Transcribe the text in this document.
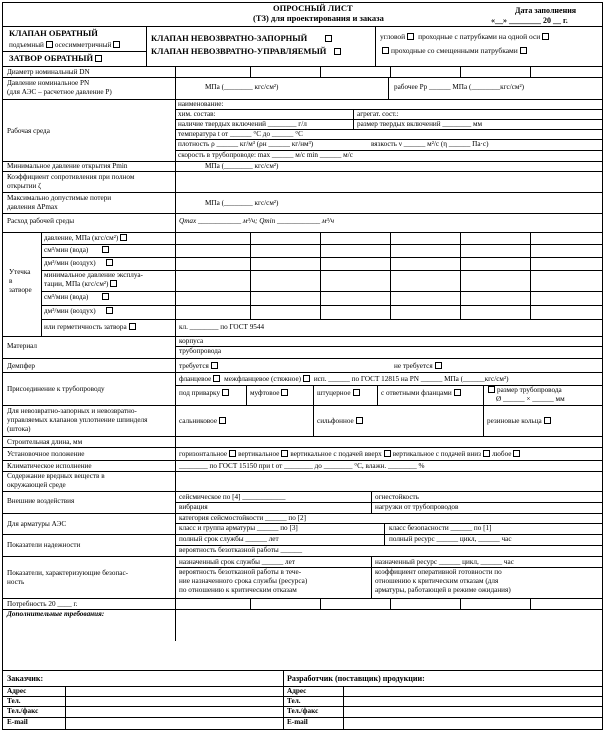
ОПРОСНЫЙ ЛИСТ
(ТЗ) для проектирования и заказа
Дата заполнения
«__» ________ 20 __ г.
КЛАПАН ОБРАТНЫЙ
подъемный осесимметричный
ЗАТВОР ОБРАТНЫЙ
КЛАПАН НЕВОЗВРАТНО-ЗАПОРНЫЙ
КЛАПАН НЕВОЗВРАТНО-УПРАВЛЯЕМЫЙ
угловой проходные с патрубками на одной оси
проходные со смещенными патрубками
Диаметр номинальный DN
Давление номинальное PN
(для АЭС – расчетное давление P)
МПа (________ кгс/см²)	рабочее Pр ______ МПа (________кгс/см²)
Рабочая среда
наименование:
хим. состав:	агрегат. сост.:
наличие твердых включений ________ г/л	размер твердых включений ________ мм
температура t от ______ °С до ______ °С
плотность ρ ______ кг/м³ (ρн ______ кг/нм³)	вязкость ν ______ м²/с (η ______ Па·с)
скорость в трубопроводе: max ______ м/с min ______ м/с
Минимальное давление открытия Pmin	МПа (________ кгс/см²)
Коэффициент сопротивления при полном
открытии ζ
Максимально допустимые потери
давления ΔPmax	МПа (________ кгс/см²)
Расход рабочей среды	Qmax ____________ м³/ч; Qmin ____________ м³/ч
Утечка
в
затворе
давление, МПа (кгс/см²)
см³/мин (вода)
дм³/мин (воздух)
минимальное давление эксплуа-
тации, МПа (кгс/см²)
см³/мин (вода)
дм³/мин (воздух)
или герметичность затвора	кл. ________ по ГОСТ 9544
Материал
корпуса
трубопровода
Демпфер	требуется	не требуется
Присоединение к трубопроводу
фланцевое межфланцевое (стяжное) исп. ______ по ГОСТ 12815 на PN ______ МПа (______кгс/см²)
под приварку	муфтовое	штуцерное	с ответными фланцами	размер трубопровода
Ø ______ × ______ мм
Для невозвратно-запорных и невозвратно-
управляемых клапанов уплотнение шпинделя
(штока)
сальниковое	сильфонное	резиновые кольца
Строительная длина, мм
Установочное положение	горизонтальное вертикальное вертикальное с подачей вверх вертикальное с подачей вниз любое
Климатическое исполнение	________ по ГОСТ 15150 при t от ________ до ________ °С, влажн. ________ %
Содержание вредных веществ в
окружающей среде
Внешние воздействия	сейсмическое по [4] ____________	огнестойкость
вибрация	нагрузки от трубопроводов
Для арматуры АЭС
категория сейсмостойкости ______ по [2]
класс и группа арматуры ______ по [3]	класс безопасности ______ по [1]
Показатели надежности
полный срок службы ______ лет	полный ресурс ______ цикл, ______ час
вероятность безотказной работы ______
Показатели, характеризующие безопас-
ность
назначенный срок службы ______ лет	назначенный ресурс ______ цикл, ______ час
вероятность безотказной работы в тече-
ние назначенного срока службы (ресурса)
по отношению к критическим отказам
коэффициент оперативной готовности по
отношению к критическим отказам (для
арматуры, работающей в режиме ожидания)
Потребность 20 ____ г.
Дополнительные требования:
Заказчик:	Разработчик (поставщик) продукции:
Адрес	Адрес
Тел.	Тел.
Тел./факс	Тел./факс
E-mail	E-mail
